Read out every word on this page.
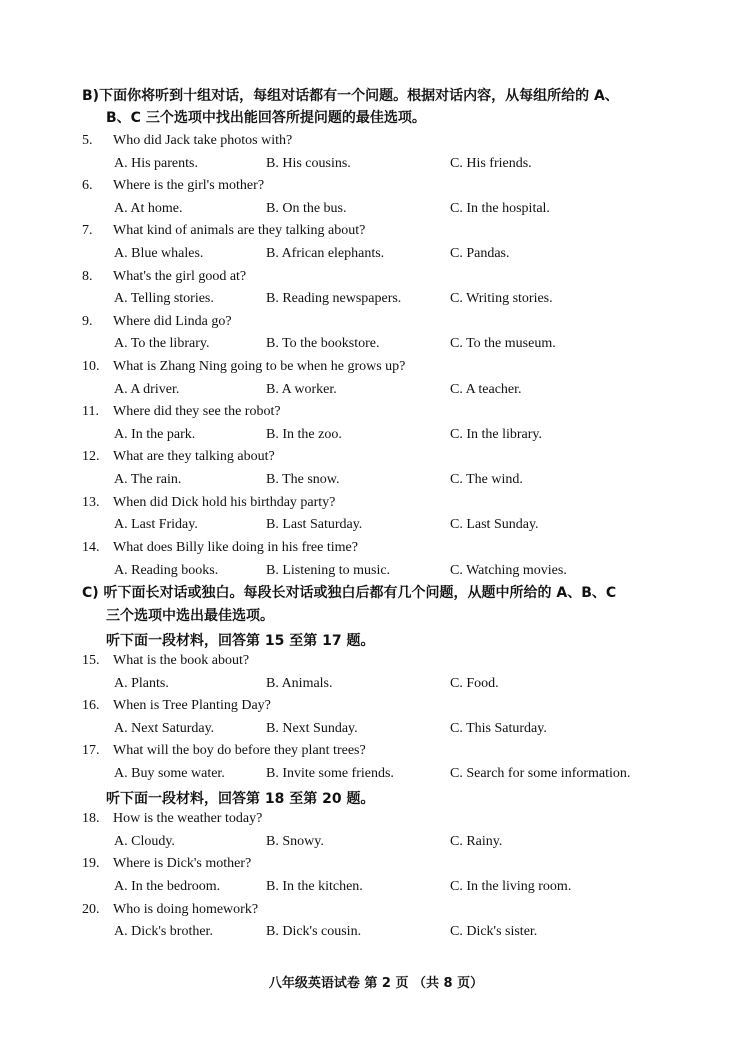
B)下面你将听到十组对话，每组对话都有一个问题。根据对话内容，从每组所给的 A、
B、C 三个选项中找出能回答所提问题的最佳选项。
5. Who did Jack take photos with?
A. His parents.	B. His cousins.	C. His friends.
6. Where is the girl's mother?
A. At home.	B. On the bus.	C. In the hospital.
7. What kind of animals are they talking about?
A. Blue whales.	B. African elephants.	C. Pandas.
8. What's the girl good at?
A. Telling stories.	B. Reading newspapers.	C. Writing stories.
9. Where did Linda go?
A. To the library.	B. To the bookstore.	C. To the museum.
10. What is Zhang Ning going to be when he grows up?
A. A driver.	B. A worker.	C. A teacher.
11. Where did they see the robot?
A. In the park.	B. In the zoo.	C. In the library.
12. What are they talking about?
A. The rain.	B. The snow.	C. The wind.
13. When did Dick hold his birthday party?
A. Last Friday.	B. Last Saturday.	C. Last Sunday.
14. What does Billy like doing in his free time?
A. Reading books.	B. Listening to music.	C. Watching movies.
C) 听下面长对话或独白。每段长对话或独白后都有几个问题，从题中所给的 A、B、C
三个选项中选出最佳选项。
听下面一段材料，回答第 15 至第 17 题。
15. What is the book about?
A. Plants.	B. Animals.	C. Food.
16. When is Tree Planting Day?
A. Next Saturday.	B. Next Sunday.	C. This Saturday.
17. What will the boy do before they plant trees?
A. Buy some water.	B. Invite some friends.	C. Search for some information.
听下面一段材料，回答第 18 至第 20 题。
18. How is the weather today?
A. Cloudy.	B. Snowy.	C. Rainy.
19. Where is Dick's mother?
A. In the bedroom.	B. In the kitchen.	C. In the living room.
20. Who is doing homework?
A. Dick's brother.	B. Dick's cousin.	C. Dick's sister.
八年级英语试卷 第 2 页 （共 8 页）
